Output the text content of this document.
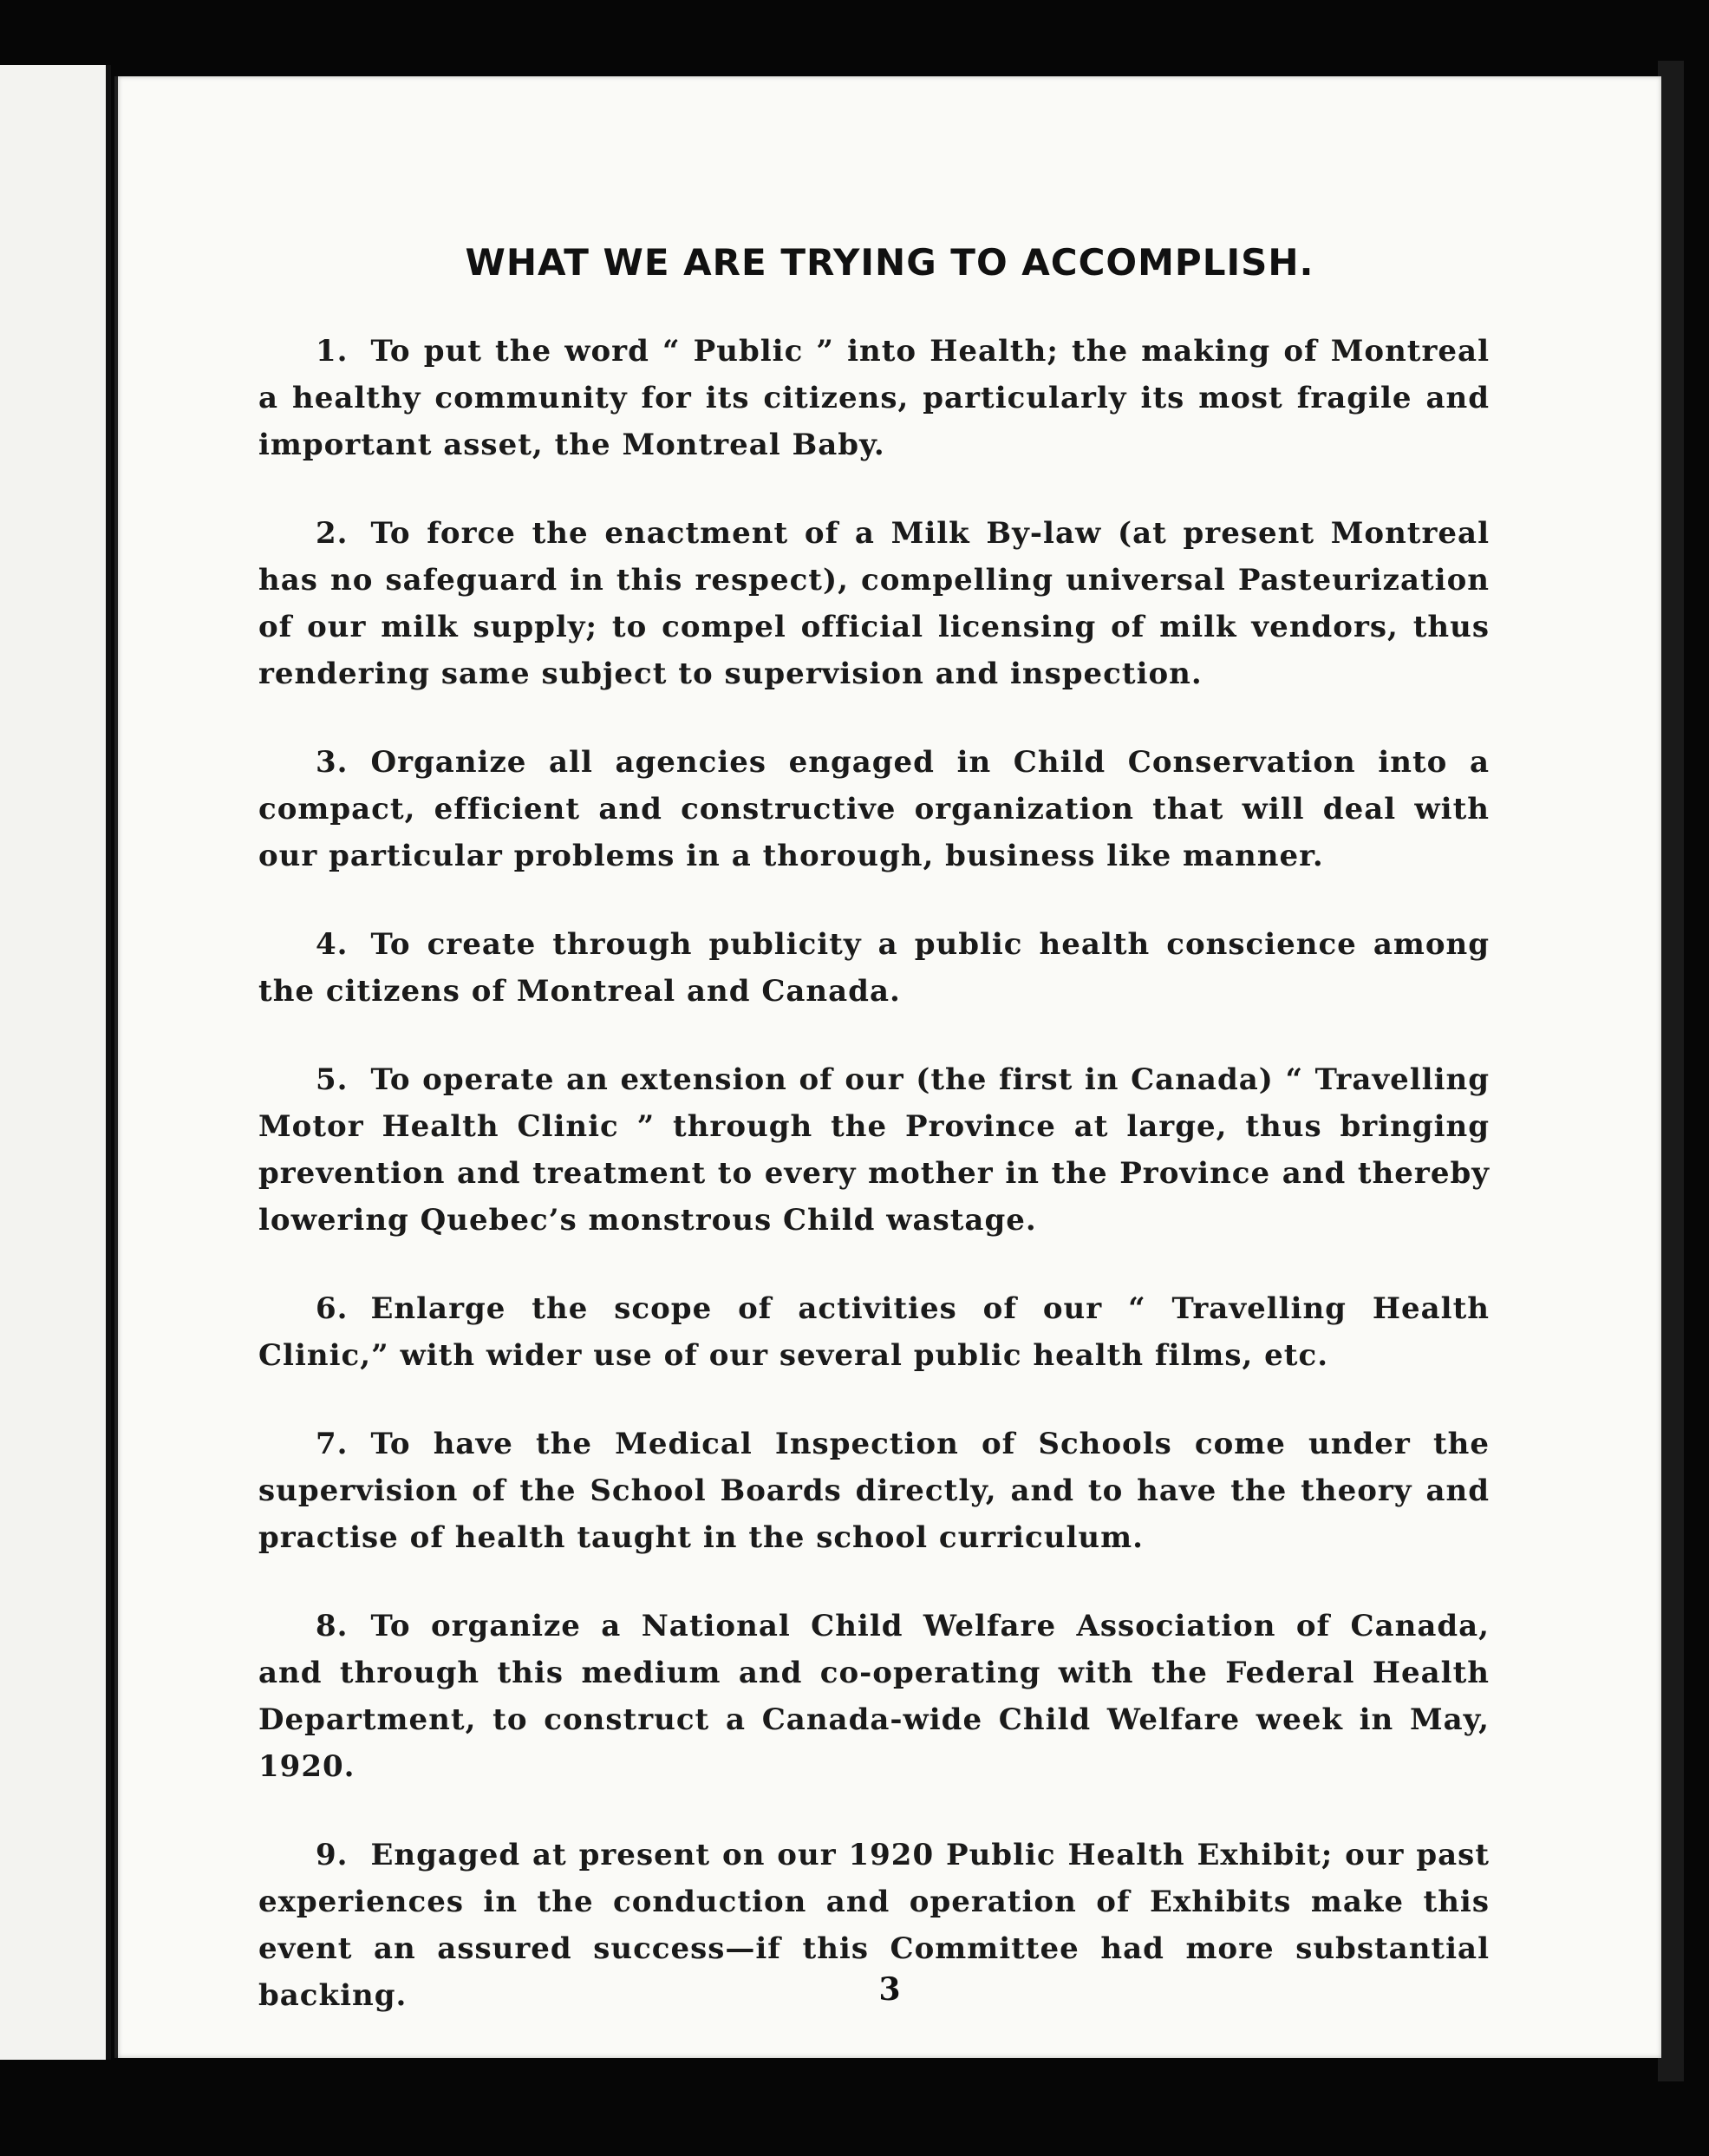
WHAT WE ARE TRYING TO ACCOMPLISH.

1. To put the word “ Public ” into Health; the making of Montreal a healthy community for its citizens, particularly its most fragile and important asset, the Montreal Baby.

2. To force the enactment of a Milk By-law (at present Montreal has no safeguard in this respect), compelling universal Pasteurization of our milk supply; to compel official licensing of milk vendors, thus rendering same subject to supervision and inspection.

3. Organize all agencies engaged in Child Conservation into a compact, efficient and constructive organization that will deal with our particular problems in a thorough, business like manner.

4. To create through publicity a public health conscience among the citizens of Montreal and Canada.

5. To operate an extension of our (the first in Canada) “ Travelling Motor Health Clinic ” through the Province at large, thus bringing prevention and treatment to every mother in the Province and thereby lowering Quebec’s monstrous Child wastage.

6. Enlarge the scope of activities of our “ Travelling Health Clinic,” with wider use of our several public health films, etc.

7. To have the Medical Inspection of Schools come under the supervision of the School Boards directly, and to have the theory and practise of health taught in the school curriculum.

8. To organize a National Child Welfare Association of Canada, and through this medium and co-operating with the Federal Health Department, to construct a Canada-wide Child Welfare week in May, 1920.

9. Engaged at present on our 1920 Public Health Exhibit; our past experiences in the conduction and operation of Exhibits make this event an assured success—if this Committee had more substantial backing.	3
